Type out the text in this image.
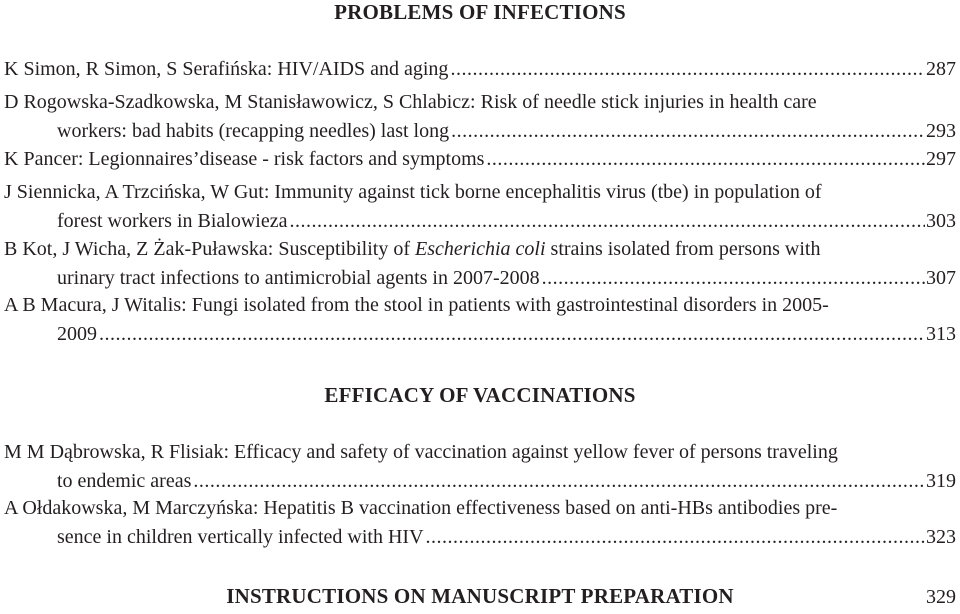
PROBLEMS OF INFECTIONS
K Simon, R Simon, S Serafińska: HIV/AIDS and aging .....	287
D Rogowska-Szadkowska, M Stanisławowicz, S Chlabicz: Risk of needle stick injuries in health care
workers: bad habits (recapping needles) last long .....	293
K Pancer: Legionnaires’disease - risk factors and symptoms .....	297
J Siennicka, A Trzcińska, W Gut: Immunity against tick borne encephalitis virus (tbe) in population of
forest workers in Bialowieza .....	303
B Kot, J Wicha, Z Żak-Puławska: Susceptibility of Escherichia coli strains isolated from persons with
urinary tract infections to antimicrobial agents in 2007-2008 .....	307
A B Macura, J Witalis: Fungi isolated from the stool in patients with gastrointestinal disorders in 2005-
2009 .....	313
EFFICACY OF VACCINATIONS
M M Dąbrowska, R Flisiak: Efficacy and safety of vaccination against yellow fever of persons traveling
to endemic areas .....	319
A Ołdakowska, M Marczyńska: Hepatitis B vaccination effectiveness based on anti-HBs antibodies pre-
sence in children vertically infected with HIV .....	323
INSTRUCTIONS ON MANUSCRIPT PREPARATION	329
